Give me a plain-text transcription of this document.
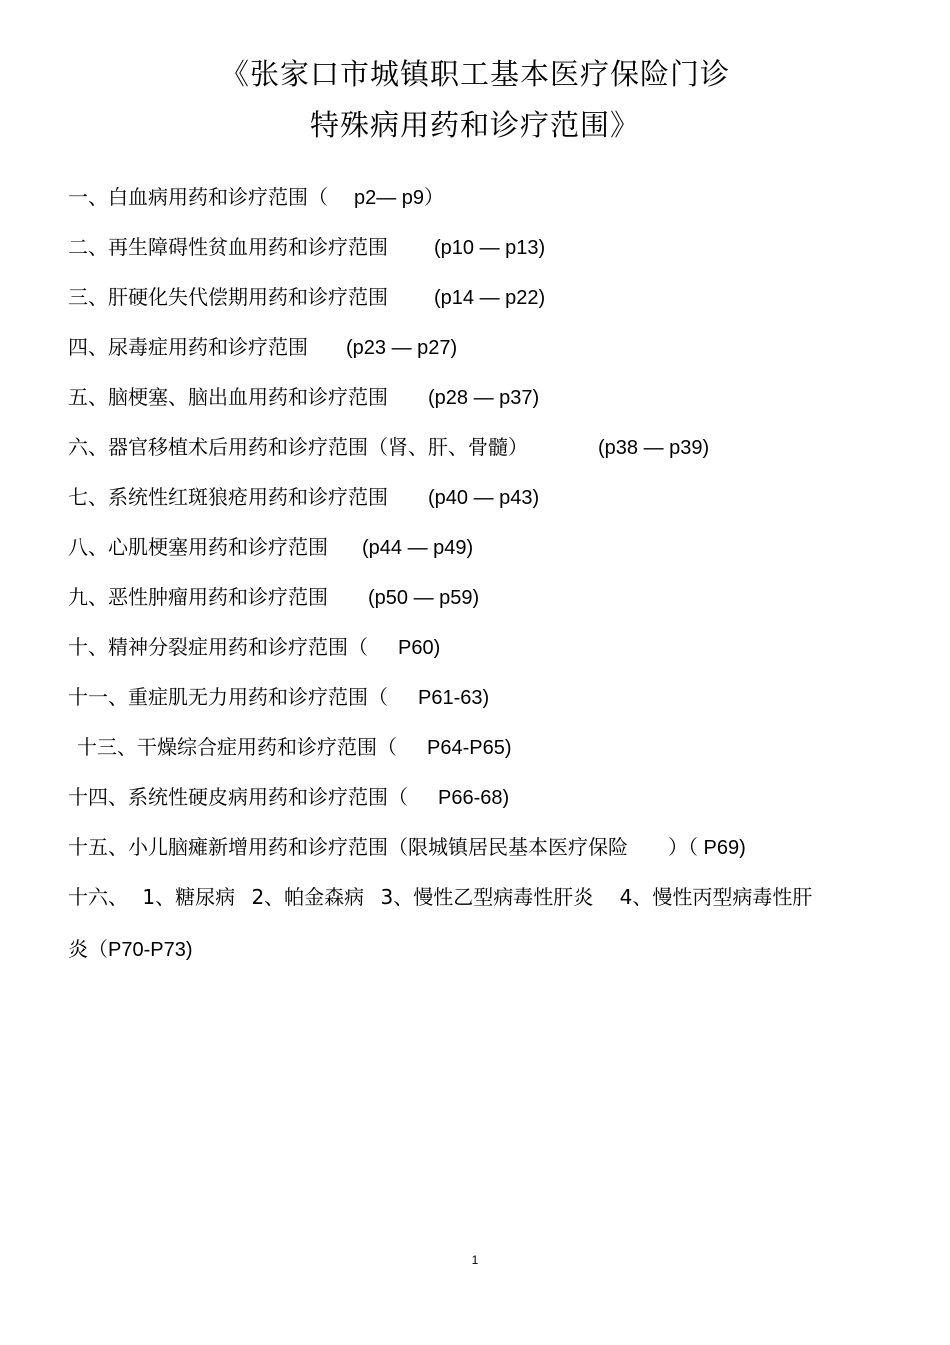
《张家口市城镇职工基本医疗保险门诊
特殊病用药和诊疗范围》
一、白血病用药和诊疗范围（ p2— p9）
二、再生障碍性贫血用药和诊疗范围 (p10 — p13)
三、肝硬化失代偿期用药和诊疗范围 (p14 — p22)
四、尿毒症用药和诊疗范围 (p23 — p27)
五、脑梗塞、脑出血用药和诊疗范围 (p28 — p37)
六、器官移植术后用药和诊疗范围（肾、肝、骨髓）	(p38 — p39)
七、系统性红斑狼疮用药和诊疗范围 (p40 — p43)
八、心肌梗塞用药和诊疗范围 (p44 — p49)
九、恶性肿瘤用药和诊疗范围 (p50 — p59)
十、精神分裂症用药和诊疗范围（ P60)
十一、重症肌无力用药和诊疗范围（ P61-63)
十三、干燥综合症用药和诊疗范围（ P64-P65)
十四、系统性硬皮病用药和诊疗范围（ P66-68)
十五、小儿脑瘫新增用药和诊疗范围（限城镇居民基本医疗保险 ）（ P69)
十六、 1、糖尿病 2、帕金森病 3、慢性乙型病毒性肝炎 4、慢性丙型病毒性肝
炎（P70-P73)
1
